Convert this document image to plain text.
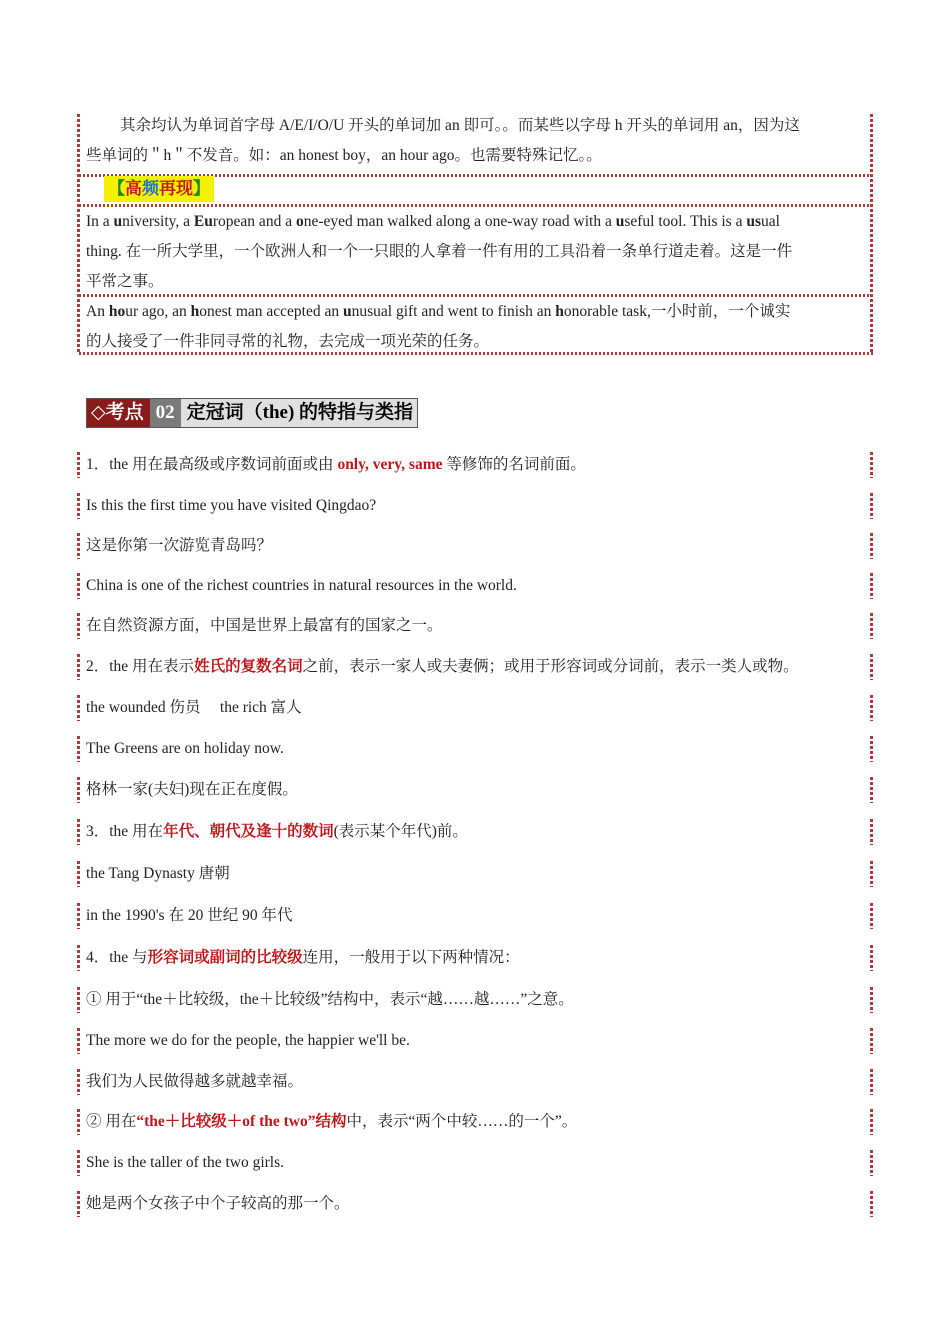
其余均认为单词首字母 A/E/I/O/U 开头的单词加 an 即可。。而某些以字母 h 开头的单词用 an，因为这

些单词的＂h＂不发音。如：an honest boy，an hour ago。也需要特殊记忆。。

【高频再现】

In a university, a European and a one-eyed man walked along a one-way road with a useful tool. This is a usual

thing. 在一所大学里，一个欧洲人和一个一只眼的人拿着一件有用的工具沿着一条单行道走着。这是一件

平常之事。

An hour ago, an honest man accepted an unusual gift and went to finish an honorable task,一小时前，一个诚实

的人接受了一件非同寻常的礼物，去完成一项光荣的任务。

◇考点 02 定冠词（the) 的特指与类指
1．the 用在最高级或序数词前面或由 only, very, same 等修饰的名词前面。
Is this the first time you have visited Qingdao?
这是你第一次游览青岛吗？
China is one of the richest countries in natural resources in the world.
在自然资源方面，中国是世界上最富有的国家之一。
2．the 用在表示姓氏的复数名词之前，表示一家人或夫妻俩；或用于形容词或分词前，表示一类人或物。
the wounded 伤员　 the rich 富人
The Greens are on holiday now.
格林一家(夫妇)现在正在度假。
3．the 用在年代、朝代及逢十的数词(表示某个年代)前。
the Tang Dynasty 唐朝
in the 1990's 在 20 世纪 90 年代
4．the 与形容词或副词的比较级连用，一般用于以下两种情况：
① 用于“the＋比较级，the＋比较级”结构中，表示“越……越……”之意。
The more we do for the people, the happier we'll be.
我们为人民做得越多就越幸福。
② 用在“the＋比较级＋of the two”结构中，表示“两个中较……的一个”。
She is the taller of the two girls.
她是两个女孩子中个子较高的那一个。
